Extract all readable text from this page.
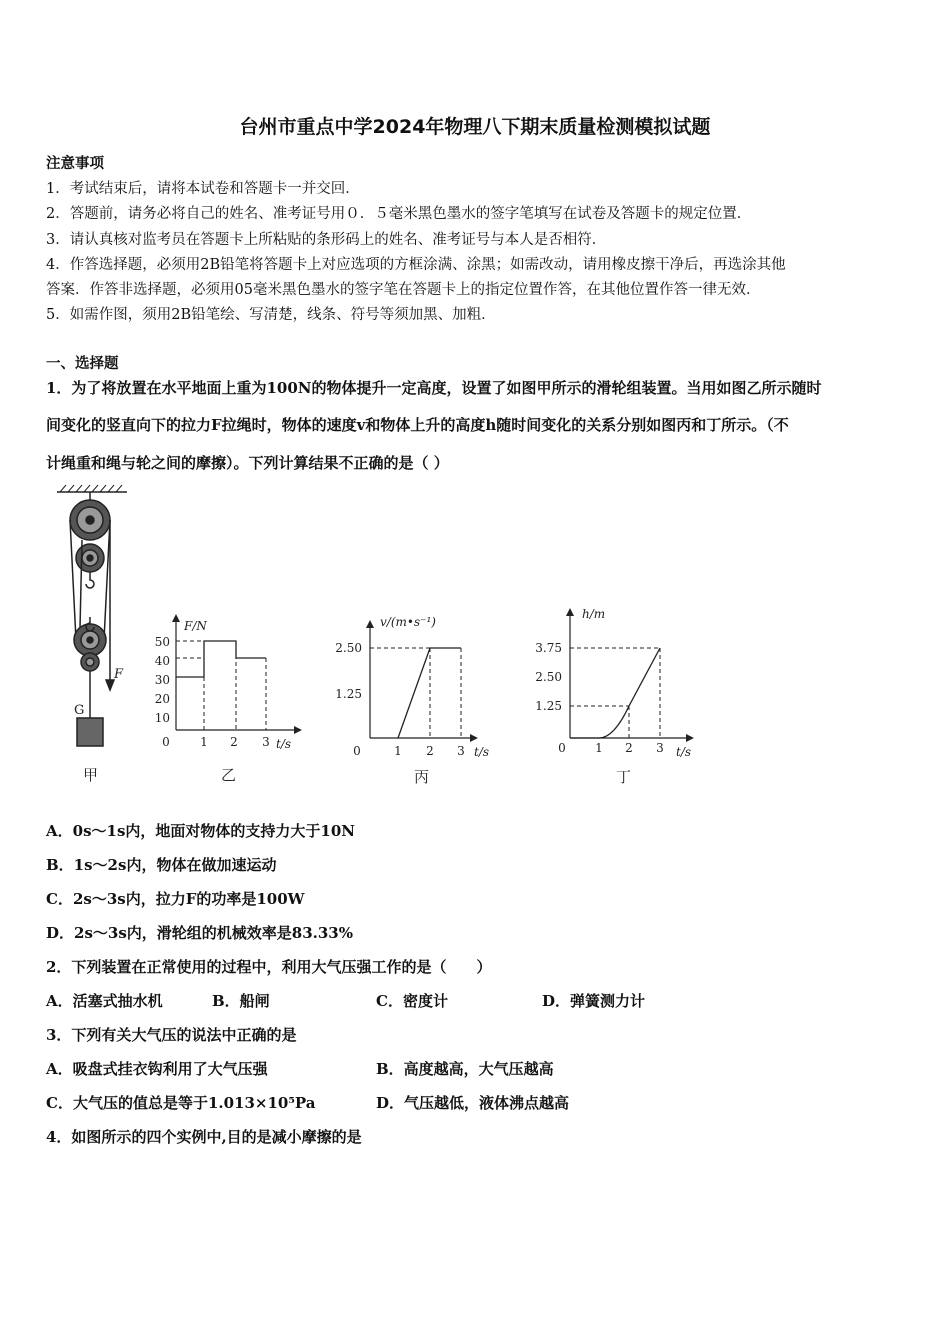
台州市重点中学2024年物理八下期末质量检测模拟试题
注意事项
1．考试结束后，请将本试卷和答题卡一并交回．
2．答题前，请务必将自己的姓名、准考证号用０．５毫米黑色墨水的签字笔填写在试卷及答题卡的规定位置．
3．请认真核对监考员在答题卡上所粘贴的条形码上的姓名、准考证号与本人是否相符．
4．作答选择题，必须用2B铅笔将答题卡上对应选项的方框涂满、涂黑；如需改动，请用橡皮擦干净后，再选涂其他
答案．作答非选择题，必须用05毫米黑色墨水的签字笔在答题卡上的指定位置作答，在其他位置作答一律无效．
5．如需作图，须用2B铅笔绘、写清楚，线条、符号等须加黑、加粗．
一、选择题
1．为了将放置在水平地面上重为100N的物体提升一定高度，设置了如图甲所示的滑轮组装置。当用如图乙所示随时
间变化的竖直向下的拉力F拉绳时，物体的速度v和物体上升的高度h随时间变化的关系分别如图丙和丁所示。（不
计绳重和绳与轮之间的摩擦）。下列计算结果不正确的是（ ）
F
G
甲
F/N
t/s
50
40
30
20
10
0	1 2 3
乙
v/(m•s⁻¹)
t/s
2.50
1.25
0	1 2 3
丙
h/m
t/s
3.75
2.50
1.25
0 1 2 3
丁
A．0s～1s内，地面对物体的支持力大于10N
B．1s～2s内，物体在做加速运动
C．2s～3s内，拉力F的功率是100W
D．2s～3s内，滑轮组的机械效率是83.33%
2．下列装置在正常使用的过程中，利用大气压强工作的是（　　）
A．活塞式抽水机	B．船闸	C．密度计	D．弹簧测力计
3．下列有关大气压的说法中正确的是
A．吸盘式挂衣钩利用了大气压强	B．高度越高，大气压越高
C．大气压的值总是等于1.013×10⁵Pa	D．气压越低，液体沸点越高
4．如图所示的四个实例中,目的是减小摩擦的是
